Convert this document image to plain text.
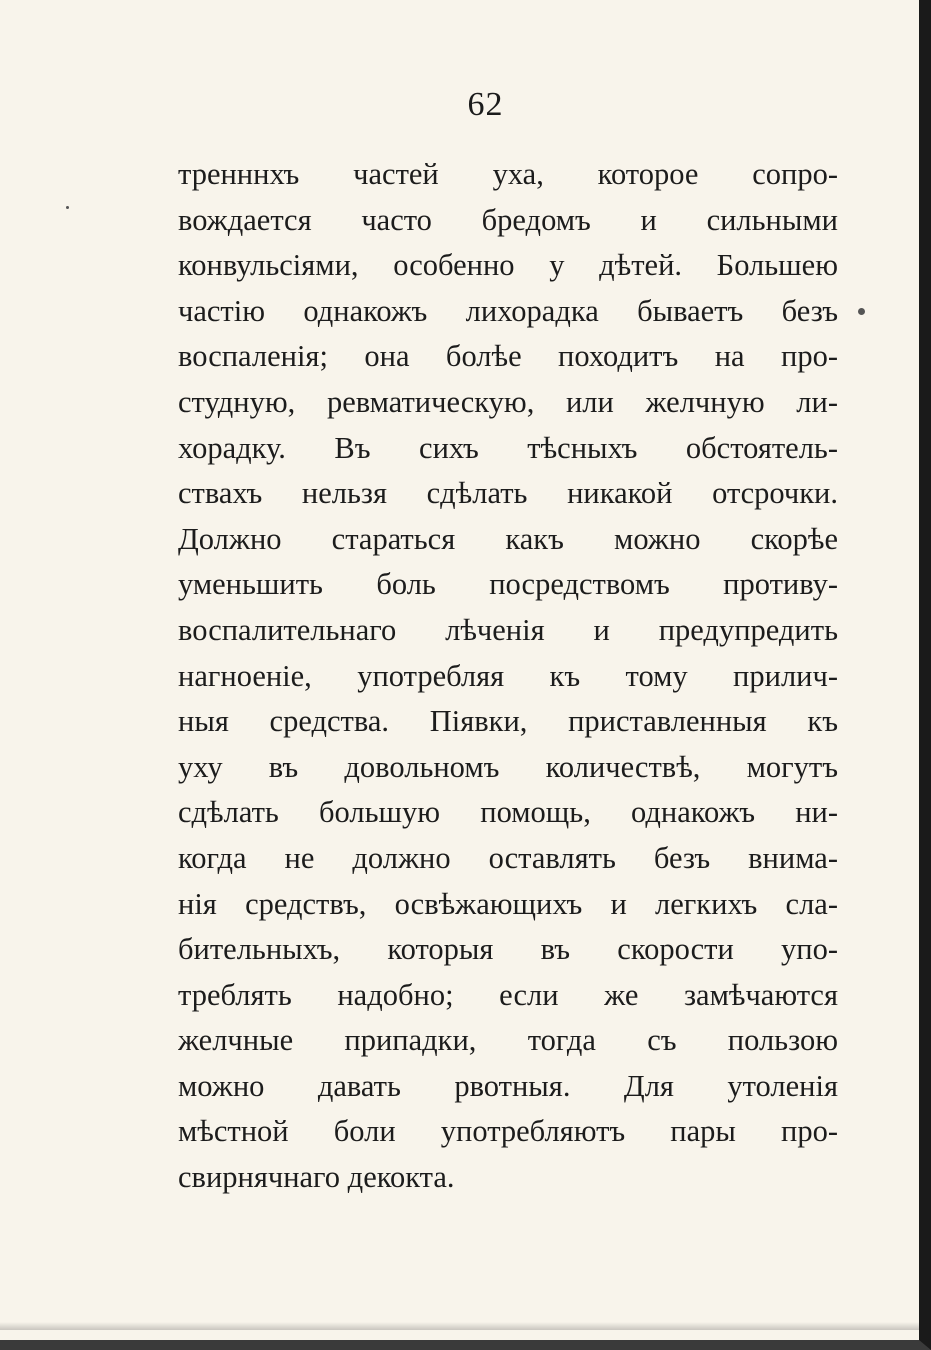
62
тренннхъ частей уха, которое сопро-
вождается часто бредомъ и сильными
конвульсіями, особенно у дѣтей. Большею
частію однакожъ лихорадка бываетъ безъ
воспаленія; она болѣе походитъ на про-
студную, ревматическую, или желчную ли-
хорадку. Въ сихъ тѣсныхъ обстоятель-
ствахъ нельзя сдѣлать никакой отсрочки.
Должно стараться какъ можно скорѣе
уменьшить боль посредствомъ противу-
воспалительнаго лѣченія и предупредить
нагноеніе, употребляя къ тому прилич-
ныя средства. Піявки, приставленныя къ
уху въ довольномъ количествѣ, могутъ
сдѣлать большую помощь, однакожъ ни-
когда не должно оставлять безъ внима-
нія средствъ, освѣжающихъ и легкихъ сла-
бительныхъ, которыя въ скорости упо-
треблять надобно; если же замѣчаются
желчные припадки, тогда съ пользою
можно давать рвотныя. Для утоленія
мѣстной боли употребляютъ пары про-
свирнячнаго декокта.
